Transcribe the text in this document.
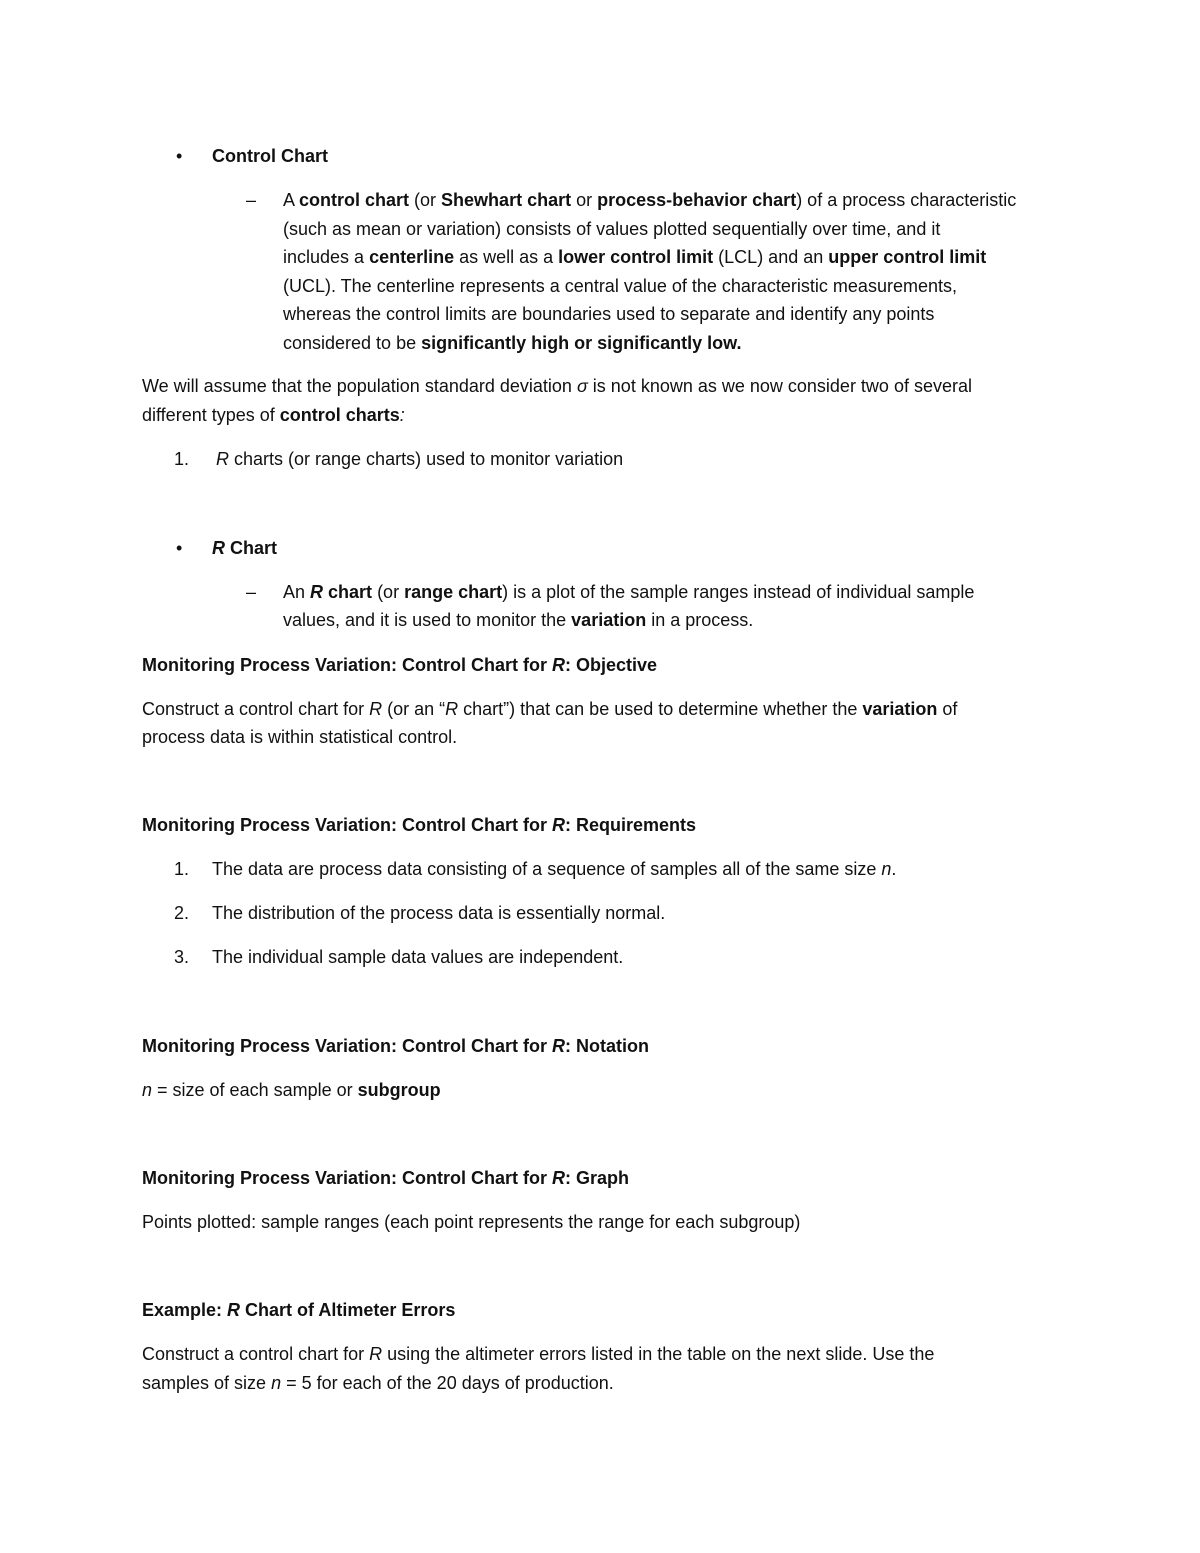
• Control Chart
– A control chart (or Shewhart chart or process-behavior chart) of a process characteristic
(such as mean or variation) consists of values plotted sequentially over time, and it
includes a centerline as well as a lower control limit (LCL) and an upper control limit
(UCL). The centerline represents a central value of the characteristic measurements,
whereas the control limits are boundaries used to separate and identify any points
considered to be significantly high or significantly low.
We will assume that the population standard deviation σ is not known as we now consider two of several
different types of control charts:
1. R charts (or range charts) used to monitor variation
• R Chart
– An R chart (or range chart) is a plot of the sample ranges instead of individual sample
values, and it is used to monitor the variation in a process.
Monitoring Process Variation: Control Chart for R: Objective
Construct a control chart for R (or an “R chart”) that can be used to determine whether the variation of
process data is within statistical control.
Monitoring Process Variation: Control Chart for R: Requirements
1. The data are process data consisting of a sequence of samples all of the same size n.
2. The distribution of the process data is essentially normal.
3. The individual sample data values are independent.
Monitoring Process Variation: Control Chart for R: Notation
n = size of each sample or subgroup
Monitoring Process Variation: Control Chart for R: Graph
Points plotted: sample ranges (each point represents the range for each subgroup)
Example: R Chart of Altimeter Errors
Construct a control chart for R using the altimeter errors listed in the table on the next slide. Use the
samples of size n = 5 for each of the 20 days of production.
